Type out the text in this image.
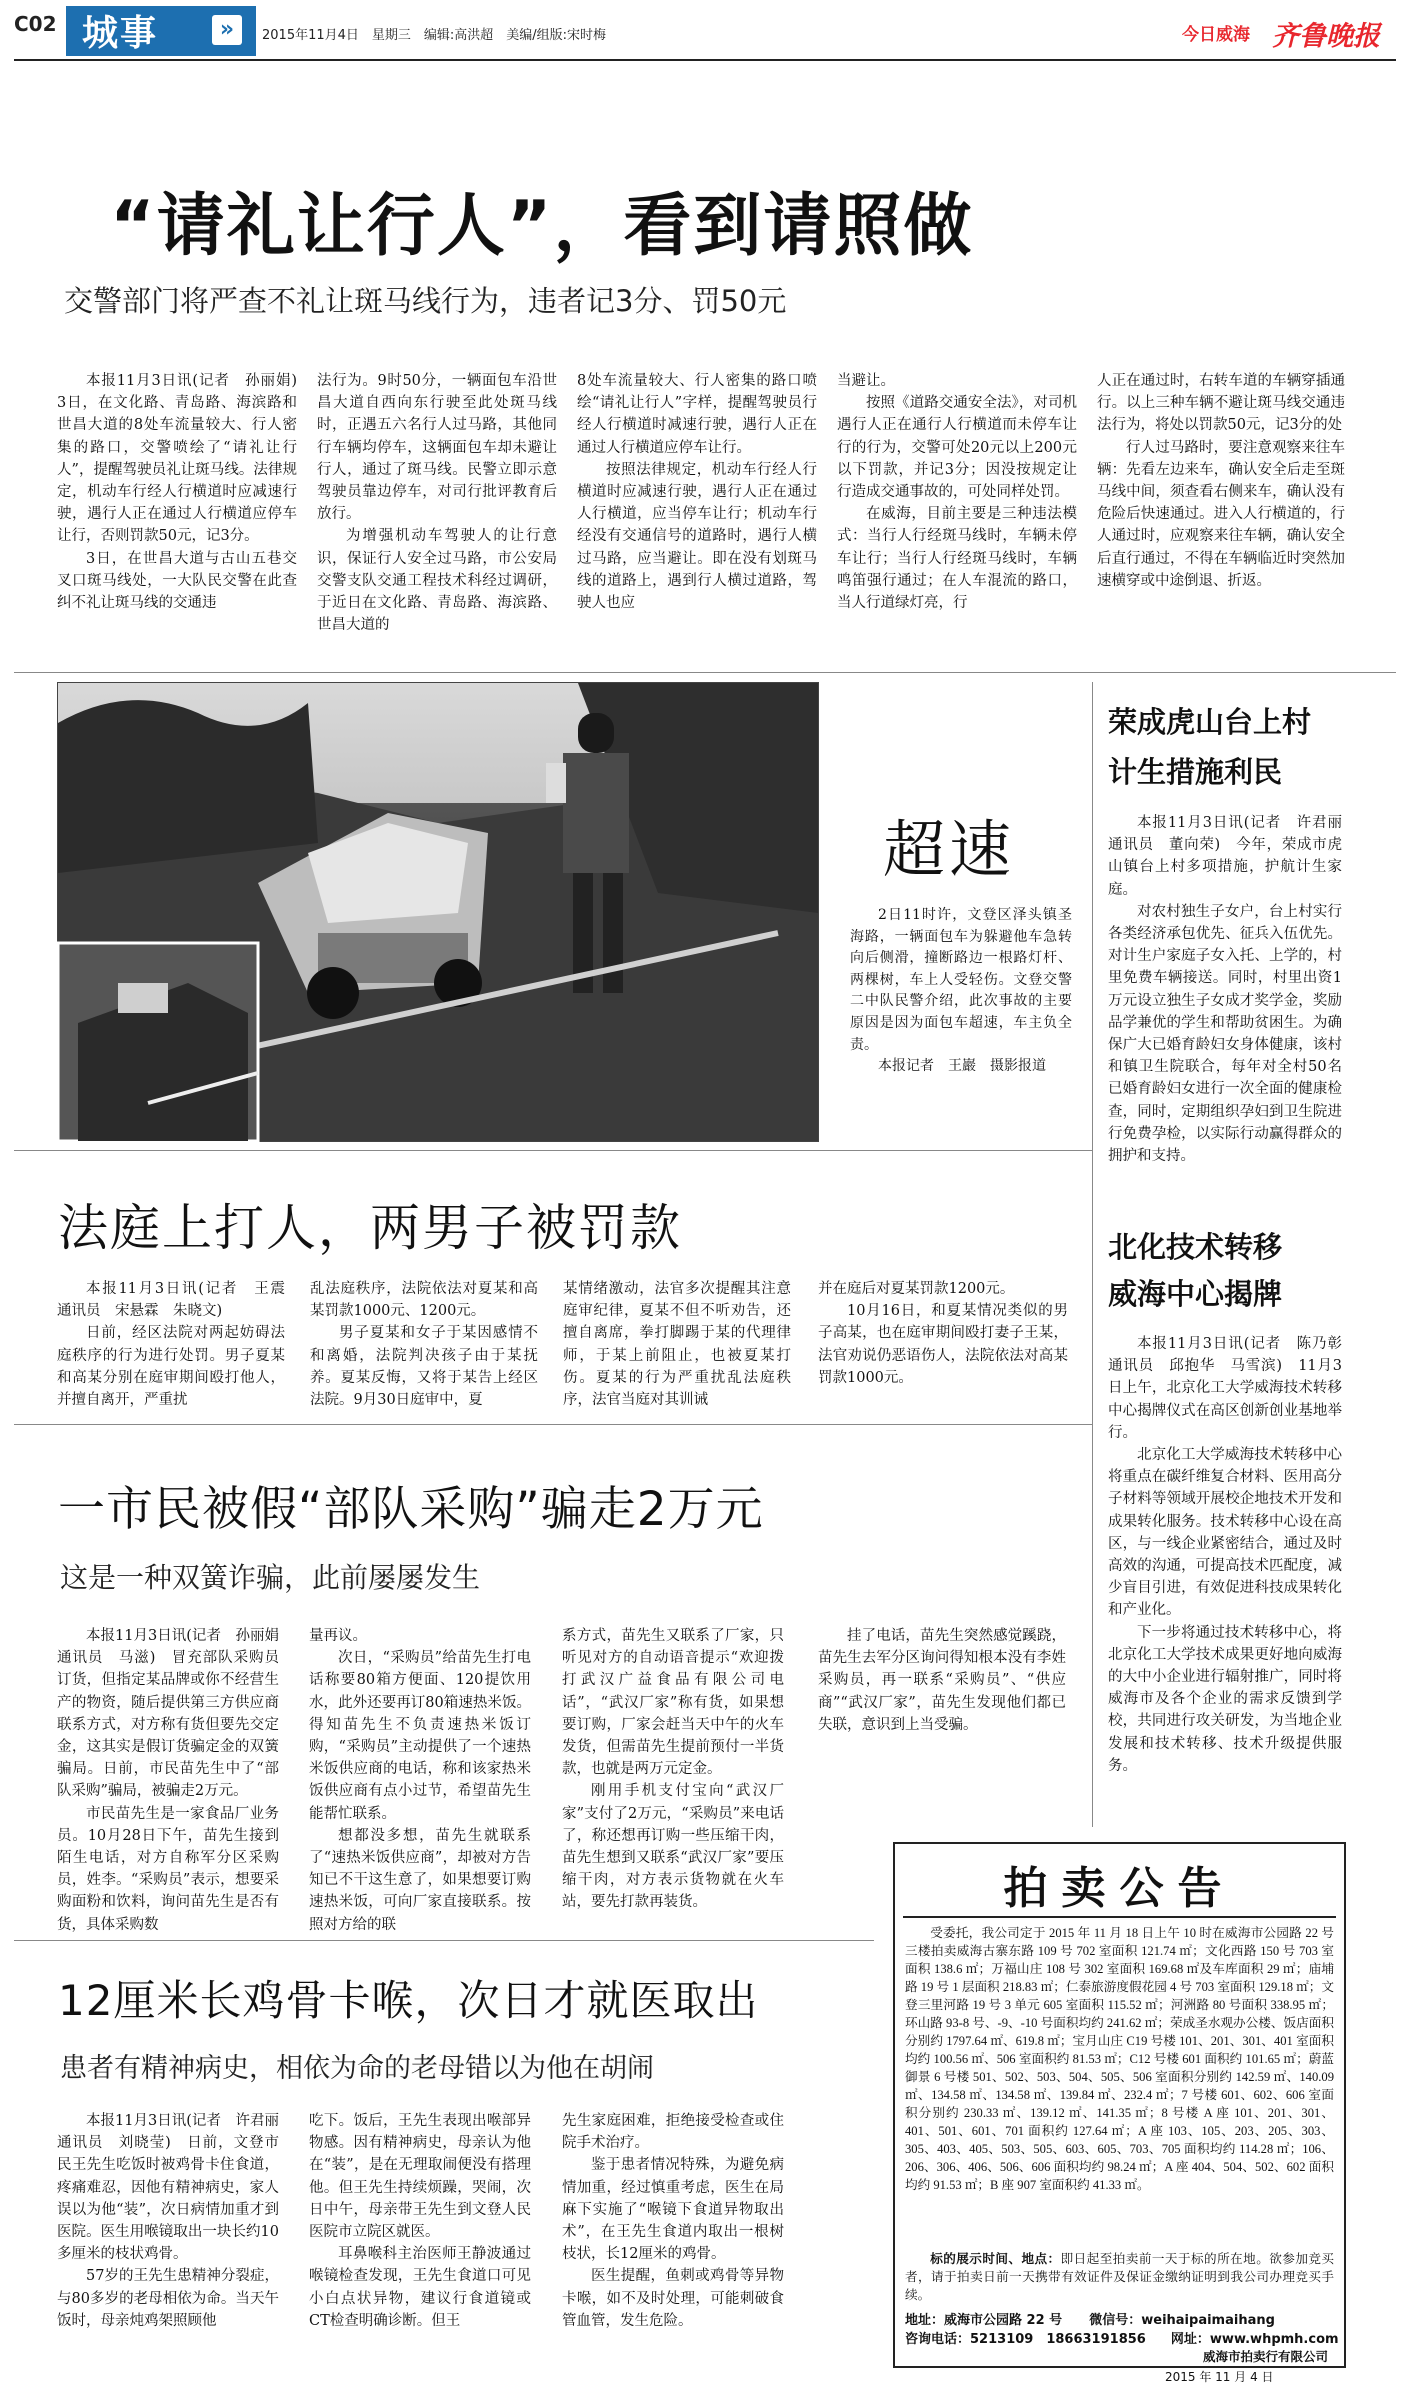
C02 城事	»	2015年11月4日　星期三　编辑:高洪超　美编/组版:宋时梅	今日威海 齐鲁晚报
“请礼让行人”，看到请照做
交警部门将严查不礼让斑马线行为，违者记3分、罚50元

本报11月3日讯(记者　孙丽娟)　3日，在文化路、青岛路、海滨路和世昌大道的8处车流量较大、行人密集的路口，交警喷绘了“请礼让行人”，提醒驾驶员礼让斑马线。法律规定，机动车行经人行横道时应减速行驶，遇行人正在通过人行横道应停车让行，否则罚款50元，记3分。

3日，在世昌大道与古山五巷交叉口斑马线处，一大队民交警在此查纠不礼让斑马线的交通违

法行为。9时50分，一辆面包车沿世昌大道自西向东行驶至此处斑马线时，正遇五六名行人过马路，其他同行车辆均停车，这辆面包车却未避让行人，通过了斑马线。民警立即示意驾驶员靠边停车，对司行批评教育后放行。

为增强机动车驾驶人的让行意识，保证行人安全过马路，市公安局交警支队交通工程技术科经过调研，于近日在文化路、青岛路、海滨路、世昌大道的

8处车流量较大、行人密集的路口喷绘“请礼让行人”字样，提醒驾驶员行经人行横道时减速行驶，遇行人正在通过人行横道应停车让行。

按照法律规定，机动车行经人行横道时应减速行驶，遇行人正在通过人行横道，应当停车让行；机动车行经没有交通信号的道路时，遇行人横过马路，应当避让。即在没有划斑马线的道路上，遇到行人横过道路，驾驶人也应

当避让。

按照《道路交通安全法》，对司机遇行人正在通行人行横道而未停车让行的行为，交警可处20元以上200元以下罚款，并记3分；因没按规定让行造成交通事故的，可处同样处罚。

在威海，目前主要是三种违法模式：当行人行经斑马线时，车辆未停车让行；当行人行经斑马线时，车辆鸣笛强行通过；在人车混流的路口，当人行道绿灯亮，行

人正在通过时，右转车道的车辆穿插通行。以上三种车辆不避让斑马线交通违法行为，将处以罚款50元，记3分的处

行人过马路时，要注意观察来往车辆：先看左边来车，确认安全后走至斑马线中间，须查看右侧来车，确认没有危险后快速通过。进入人行横道的，行人通过时，应观察来往车辆，确认安全后直行通过，不得在车辆临近时突然加速横穿或中途倒退、折返。

超速

2日11时许，文登区泽头镇圣海路，一辆面包车为躲避他车急转向后侧滑，撞断路边一根路灯杆、两棵树，车上人受轻伤。文登交警二中队民警介绍，此次事故的主要原因是因为面包车超速，车主负全责。

本报记者　王巖　摄影报道

荣成虎山台上村
计生措施利民

本报11月3日讯(记者　许君丽　通讯员　董向荣)　今年，荣成市虎山镇台上村多项措施，护航计生家庭。

对农村独生子女户，台上村实行各类经济承包优先、征兵入伍优先。对计生户家庭子女入托、上学的，村里免费车辆接送。同时，村里出资1万元设立独生子女成才奖学金，奖励品学兼优的学生和帮助贫困生。为确保广大已婚育龄妇女身体健康，该村和镇卫生院联合，每年对全村50名已婚育龄妇女进行一次全面的健康检查，同时，定期组织孕妇到卫生院进行免费孕检，以实际行动赢得群众的拥护和支持。

法庭上打人，两男子被罚款

本报11月3日讯(记者　王震　通讯员　宋悬霖　朱晓文)

日前，经区法院对两起妨碍法庭秩序的行为进行处罚。男子夏某和高某分别在庭审期间殴打他人，并擅自离开，严重扰

乱法庭秩序，法院依法对夏某和高某罚款1000元、1200元。

男子夏某和女子于某因感情不和离婚，法院判决孩子由于某抚养。夏某反悔，又将于某告上经区法院。9月30日庭审中，夏

某情绪激动，法官多次提醒其注意庭审纪律，夏某不但不听劝告，还擅自离席，拳打脚踢于某的代理律师，于某上前阻止，也被夏某打伤。夏某的行为严重扰乱法庭秩序，法官当庭对其训诫

并在庭后对夏某罚款1200元。

10月16日，和夏某情况类似的男子高某，也在庭审期间殴打妻子王某，法官劝说仍恶语伤人，法院依法对高某罚款1000元。

北化技术转移
威海中心揭牌

本报11月3日讯(记者　陈乃彰　通讯员　邱抱华　马雪滨)　11月3日上午，北京化工大学威海技术转移中心揭牌仪式在高区创新创业基地举行。

北京化工大学威海技术转移中心将重点在碳纤维复合材料、医用高分子材料等领域开展校企地技术开发和成果转化服务。技术转移中心设在高区，与一线企业紧密结合，通过及时高效的沟通，可提高技术匹配度，减少盲目引进，有效促进科技成果转化和产业化。

下一步将通过技术转移中心，将北京化工大学技术成果更好地向威海的大中小企业进行辐射推广，同时将威海市及各个企业的需求反馈到学校，共同进行攻关研发，为当地企业发展和技术转移、技术升级提供服务。

一市民被假“部队采购”骗走2万元
这是一种双簧诈骗，此前屡屡发生

本报11月3日讯(记者　孙丽娟　通讯员　马滋)　冒充部队采购员订货，但指定某品牌或你不经营生产的物资，随后提供第三方供应商联系方式，对方称有货但要先交定金，这其实是假订货骗定金的双簧骗局。日前，市民苗先生中了“部队采购”骗局，被骗走2万元。

市民苗先生是一家食品厂业务员。10月28日下午，苗先生接到陌生电话，对方自称军分区采购员，姓李。“采购员”表示，想要采购面粉和饮料，询问苗先生是否有货，具体采购数

量再议。

次日，“采购员”给苗先生打电话称要80箱方便面、120提饮用水，此外还要再订80箱速热米饭。得知苗先生不负责速热米饭订购，“采购员”主动提供了一个速热米饭供应商的电话，称和该家热米饭供应商有点小过节，希望苗先生能帮忙联系。

想都没多想，苗先生就联系了“速热米饭供应商”，却被对方告知已不干这生意了，如果想要订购速热米饭，可向厂家直接联系。按照对方给的联

系方式，苗先生又联系了厂家，只听见对方的自动语音提示“欢迎拨打武汉广益食品有限公司电话”，“武汉厂家”称有货，如果想要订购，厂家会赶当天中午的火车发货，但需苗先生提前预付一半货款，也就是两万元定金。

刚用手机支付宝向“武汉厂家”支付了2万元，“采购员”来电话了，称还想再订购一些压缩干肉，苗先生想到又联系“武汉厂家”要压缩干肉，对方表示货物就在火车站，要先打款再装货。

挂了电话，苗先生突然感觉蹊跷，苗先生去军分区询问得知根本没有李姓采购员，再一联系“采购员”、“供应商”“武汉厂家”，苗先生发现他们都已失联，意识到上当受骗。

拍卖公告
受委托，我公司定于 2015 年 11 月 18 日上午 10 时在威海市公园路 22 号三楼拍卖威海古寨东路 109 号 702 室面积 121.74 ㎡；文化西路 150 号 703 室面积 138.6 ㎡；万福山庄 108 号 302 室面积 169.68 ㎡及车库面积 29 ㎡；庙埔路 19 号 1 层面积 218.83 ㎡；仁泰旅游度假花园 4 号 703 室面积 129.18 ㎡；文登三里河路 19 号 3 单元 605 室面积 115.52 ㎡；河洲路 80 号面积 338.95 ㎡；环山路 93-8 号、-9、-10 号面积均约 241.62 ㎡；荣成圣水观办公楼、饭店面积分别约 1797.64 ㎡、619.8 ㎡；宝月山庄 C19 号楼 101、201、301、401 室面积均约 100.56 ㎡、506 室面积约 81.53 ㎡；C12 号楼 601 面积约 101.65 ㎡；蔚蓝御景 6 号楼 501、502、503、504、505、506 室面积分别约 142.59 ㎡、140.09 ㎡、134.58 ㎡、134.58 ㎡、139.84 ㎡、232.4 ㎡；7 号楼 601、602、606 室面积分别约 230.33 ㎡、139.12 ㎡、141.35 ㎡；8 号楼 A 座 101、201、301、401、501、601、701 面积约 127.64 ㎡；A 座 103、105、203、205、303、305、403、405、503、505、603、605、703、705 面积均约 114.28 ㎡；106、206、306、406、506、606 面积均约 98.24 ㎡；A 座 404、504、502、602 面积均约 91.53 ㎡；B 座 907 室面积约 41.33 ㎡。
标的展示时间、地点：即日起至拍卖前一天于标的所在地。欲参加竞买者，请于拍卖日前一天携带有效证件及保证金缴纳证明到我公司办理竞买手续。
地址：威海市公园路 22 号 微信号：weihaipaimaihang
咨询电话：5213109　18663191856 网址：www.whpmh.com
威海市拍卖行有限公司
2015 年 11 月 4 日
12厘米长鸡骨卡喉，次日才就医取出
患者有精神病史，相依为命的老母错以为他在胡闹

本报11月3日讯(记者　许君丽　通讯员　刘晓莹)　日前，文登市民王先生吃饭时被鸡骨卡住食道，疼痛难忍，因他有精神病史，家人误以为他“装”，次日病情加重才到医院。医生用喉镜取出一块长约10多厘米的枝状鸡骨。

57岁的王先生患精神分裂症，与80多岁的老母相依为命。当天午饭时，母亲炖鸡架照顾他

吃下。饭后，王先生表现出喉部异物感。因有精神病史，母亲认为他在“装”，是在无理取闹便没有搭理他。但王先生持续烦躁，哭闹，次日中午，母亲带王先生到文登人民医院市立院区就医。

耳鼻喉科主治医师王静波通过喉镜检查发现，王先生食道口可见小白点状异物，建议行食道镜或CT检查明确诊断。但王

先生家庭困难，拒绝接受检查或住院手术治疗。

鉴于患者情况特殊，为避免病情加重，经过慎重考虑，医生在局麻下实施了“喉镜下食道异物取出术”，在王先生食道内取出一根树枝状，长12厘米的鸡骨。

医生提醒，鱼刺或鸡骨等异物卡喉，如不及时处理，可能刺破食管血管，发生危险。
